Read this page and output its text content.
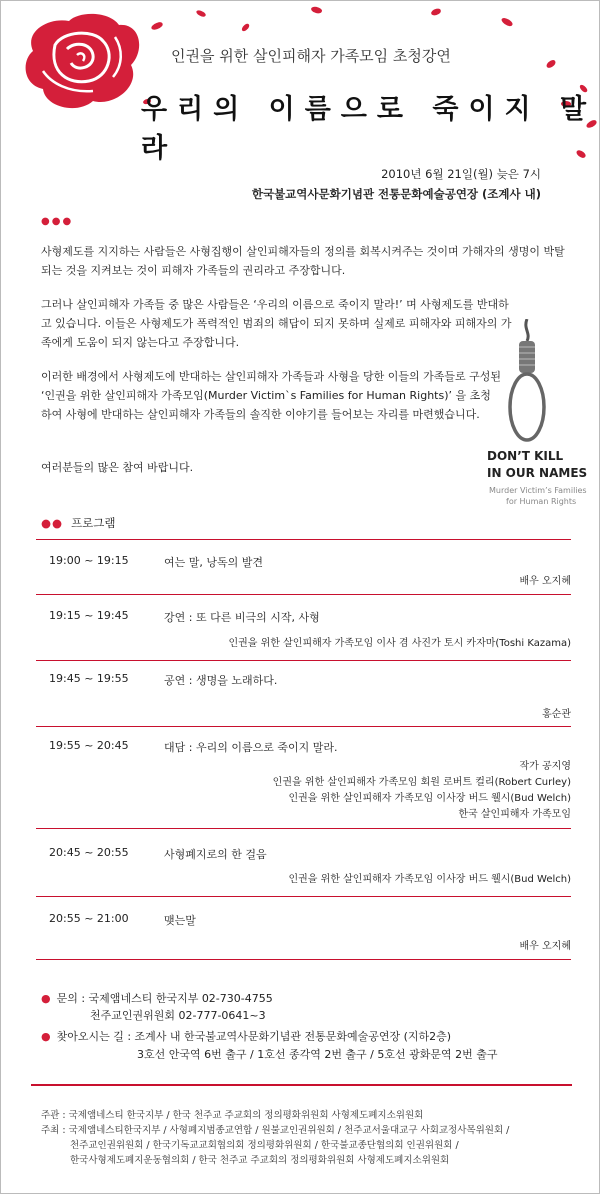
인권을 위한 살인피해자 가족모임 초청강연
우리의 이름으로 죽이지 말라
2010년 6월 21일(월) 늦은 7시
한국불교역사문화기념관 전통문화예술공연장 (조계사 내)
●●●
사형제도를 지지하는 사람들은 사형집행이 살인피해자들의 정의를 회복시켜주는 것이며 가해자의 생명이 박탈되는 것을 지켜보는 것이 피해자 가족들의 권리라고 주장합니다.
그러나 살인피해자 가족들 중 많은 사람들은 ‘우리의 이름으로 죽이지 말라!’ 며 사형제도를 반대하고 있습니다. 이들은 사형제도가 폭력적인 범죄의 해답이 되지 못하며 실제로 피해자와 피해자의 가족에게 도움이 되지 않는다고 주장합니다.
이러한 배경에서 사형제도에 반대하는 살인피해자 가족들과 사형을 당한 이들의 가족들로 구성된 ‘인권을 위한 살인피해자 가족모임(Murder Victim`s Families for Human Rights)’ 을 초청하여 사형에 반대하는 살인피해자 가족들의 솔직한 이야기를 들어보는 자리를 마련했습니다.
여러분들의 많은 참여 바랍니다.
DON’T KILL
IN OUR NAMES
Murder Victim’s Families
for Human Rights
●● 프로그램
19:00 ~ 19:15	여는 말, 낭독의 발견
배우 오지혜
19:15 ~ 19:45	강연 : 또 다른 비극의 시작, 사형
인권을 위한 살인피해자 가족모임 이사 겸 사진가 토시 카자마(Toshi Kazama)
19:45 ~ 19:55	공연 : 생명을 노래하다.
홍순관
19:55 ~ 20:45	대담 : 우리의 이름으로 죽이지 말라.
작가 공지영
인권을 위한 살인피해자 가족모임 회원 로버트 컬리(Robert Curley)
인권을 위한 살인피해자 가족모임 이사장 버드 웰시(Bud Welch)
한국 살인피해자 가족모임
20:45 ~ 20:55	사형폐지로의 한 걸음
인권을 위한 살인피해자 가족모임 이사장 버드 웰시(Bud Welch)
20:55 ~ 21:00	맺는말
배우 오지혜
● 문의 : 국제앰네스티 한국지부 02-730-4755
천주교인권위원회 02-777-0641~3
● 찾아오시는 길 : 조계사 내 한국불교역사문화기념관 전통문화예술공연장 (지하2층)
3호선 안국역 6번 출구 / 1호선 종각역 2번 출구 / 5호선 광화문역 2번 출구
주관 : 국제앰네스티 한국지부 / 한국 천주교 주교회의 정의평화위원회 사형제도폐지소위원회
주최 : 국제앰네스티한국지부 / 사형폐지범종교연합 / 원불교인권위원회 / 천주교서울대교구 사회교정사목위원회 /
천주교인권위원회 / 한국기독교교회협의회 정의평화위원회 / 한국불교종단협의회 인권위원회 /
한국사형제도폐지운동협의회 / 한국 천주교 주교회의 정의평화위원회 사형제도폐지소위원회
